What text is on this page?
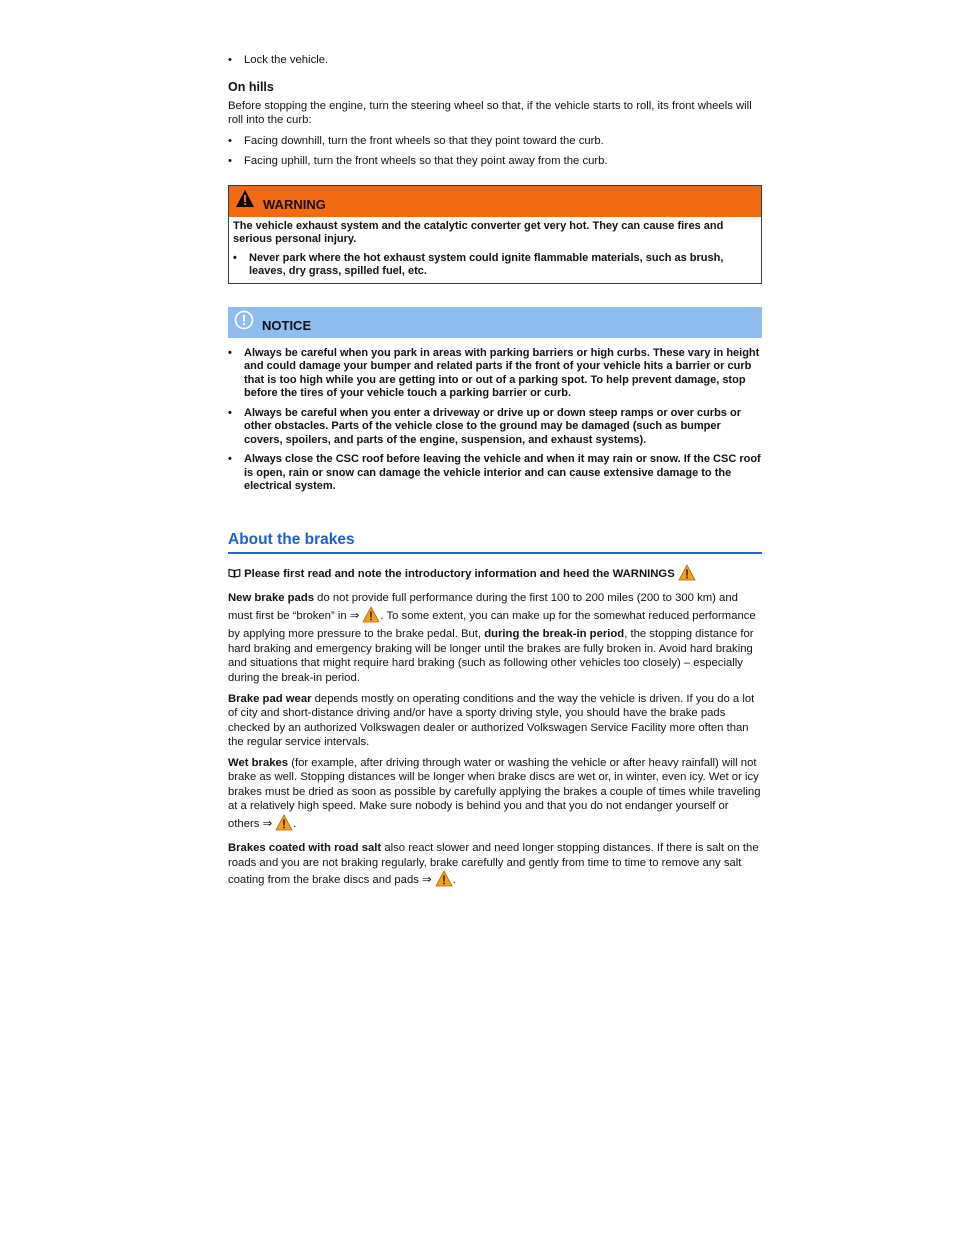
•	Lock the vehicle.
On hills

Before stopping the engine, turn the steering wheel so that, if the vehicle starts to roll, its front wheels will roll into the curb:

•	Facing downhill, turn the front wheels so that they point toward the curb.
•	Facing uphill, turn the front wheels so that they point away from the curb.
WARNING
The vehicle exhaust system and the catalytic converter get very hot. They can cause fires and serious personal injury.
•	Never park where the hot exhaust system could ignite flammable materials, such as brush, leaves, dry grass, spilled fuel, etc.
NOTICE
•	Always be careful when you park in areas with parking barriers or high curbs. These vary in height and could damage your bumper and related parts if the front of your vehicle hits a barrier or curb that is too high while you are getting into or out of a parking spot. To help prevent damage, stop before the tires of your vehicle touch a parking barrier or curb.
•	Always be careful when you enter a driveway or drive up or down steep ramps or over curbs or other obstacles. Parts of the vehicle close to the ground may be damaged (such as bumper covers, spoilers, and parts of the engine, suspension, and exhaust systems).
•	Always close the CSC roof before leaving the vehicle and when it may rain or snow. If the CSC roof is open, rain or snow can damage the vehicle interior and can cause extensive damage to the electrical system.
About the brakes

Please first read and note the introductory information and heed the WARNINGS

New brake pads do not provide full performance during the first 100 to 200 miles (200 to 300 km) and must first be “broken” in ⇒ . To some extent, you can make up for the somewhat reduced performance by applying more pressure to the brake pedal. But, during the break-in period, the stopping distance for hard braking and emergency braking will be longer until the brakes are fully broken in. Avoid hard braking and situations that might require hard braking (such as following other vehicles too closely) – especially during the break-in period.

Brake pad wear depends mostly on operating conditions and the way the vehicle is driven. If you do a lot of city and short-distance driving and/or have a sporty driving style, you should have the brake pads checked by an authorized Volkswagen dealer or authorized Volkswagen Service Facility more often than the regular service intervals.

Wet brakes (for example, after driving through water or washing the vehicle or after heavy rainfall) will not brake as well. Stopping distances will be longer when brake discs are wet or, in winter, even icy. Wet or icy brakes must be dried as soon as possible by carefully applying the brakes a couple of times while traveling at a relatively high speed. Make sure nobody is behind you and that you do not endanger yourself or others ⇒ .

Brakes coated with road salt also react slower and need longer stopping distances. If there is salt on the roads and you are not braking regularly, brake carefully and gently from time to time to remove any salt coating from the brake discs and pads ⇒ .
